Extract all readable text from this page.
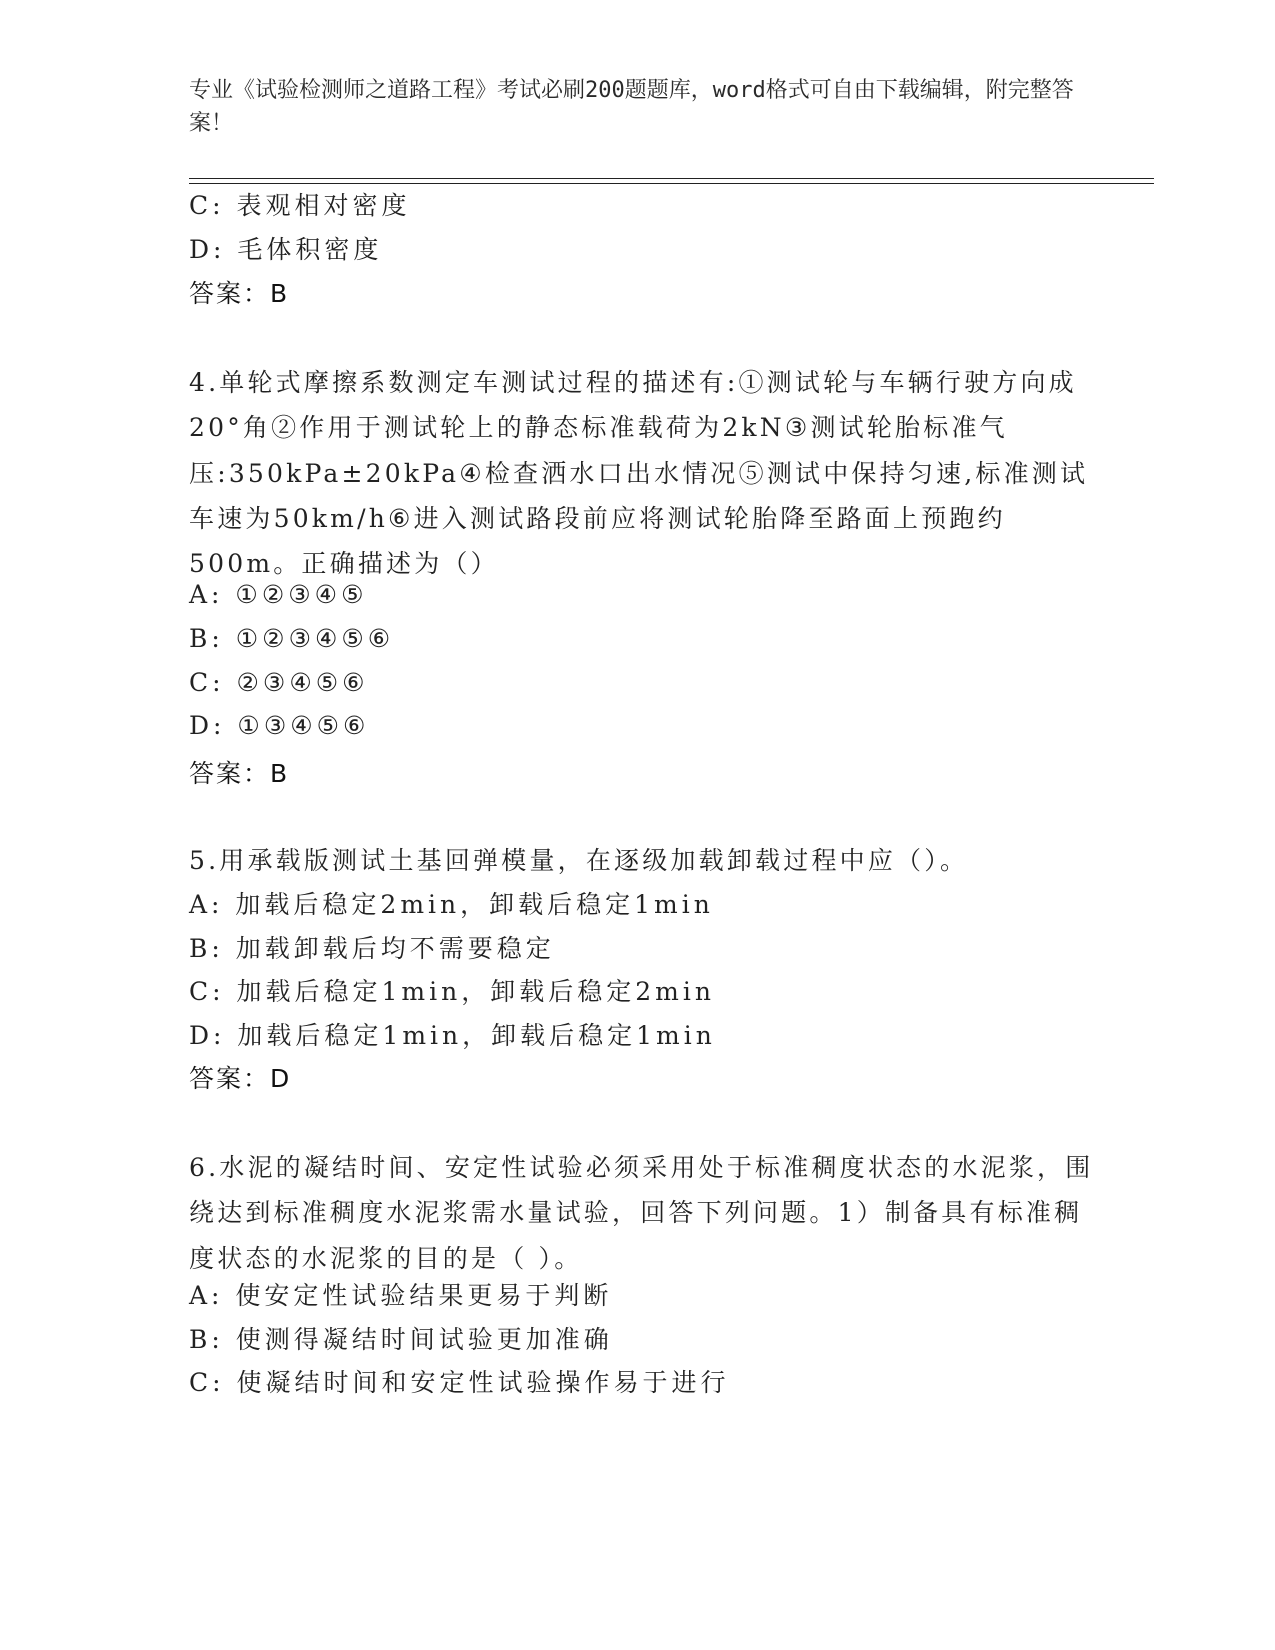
专业《试验检测师之道路工程》考试必刷200题题库，word格式可自由下载编辑，附完整答案！
C: 表观相对密度
D: 毛体积密度
答案：B
4.单轮式摩擦系数测定车测试过程的描述有:①测试轮与车辆行驶方向成20°角②作用于测试轮上的静态标准载荷为2kN③测试轮胎标准气压:350kPa±20kPa④检查洒水口出水情况⑤测试中保持匀速,标准测试车速为50km/h⑥进入测试路段前应将测试轮胎降至路面上预跑约500m。正确描述为（）
A: ①②③④⑤
B: ①②③④⑤⑥
C: ②③④⑤⑥
D: ①③④⑤⑥
答案：B
5.用承载版测试土基回弹模量，在逐级加载卸载过程中应（）。
A: 加载后稳定2min，卸载后稳定1min
B: 加载卸载后均不需要稳定
C: 加载后稳定1min，卸载后稳定2min
D: 加载后稳定1min，卸载后稳定1min
答案：D
6.水泥的凝结时间、安定性试验必须采用处于标准稠度状态的水泥浆，围绕达到标准稠度水泥浆需水量试验，回答下列问题。1）制备具有标准稠度状态的水泥浆的目的是（ ）。
A: 使安定性试验结果更易于判断
B: 使测得凝结时间试验更加准确
C: 使凝结时间和安定性试验操作易于进行
